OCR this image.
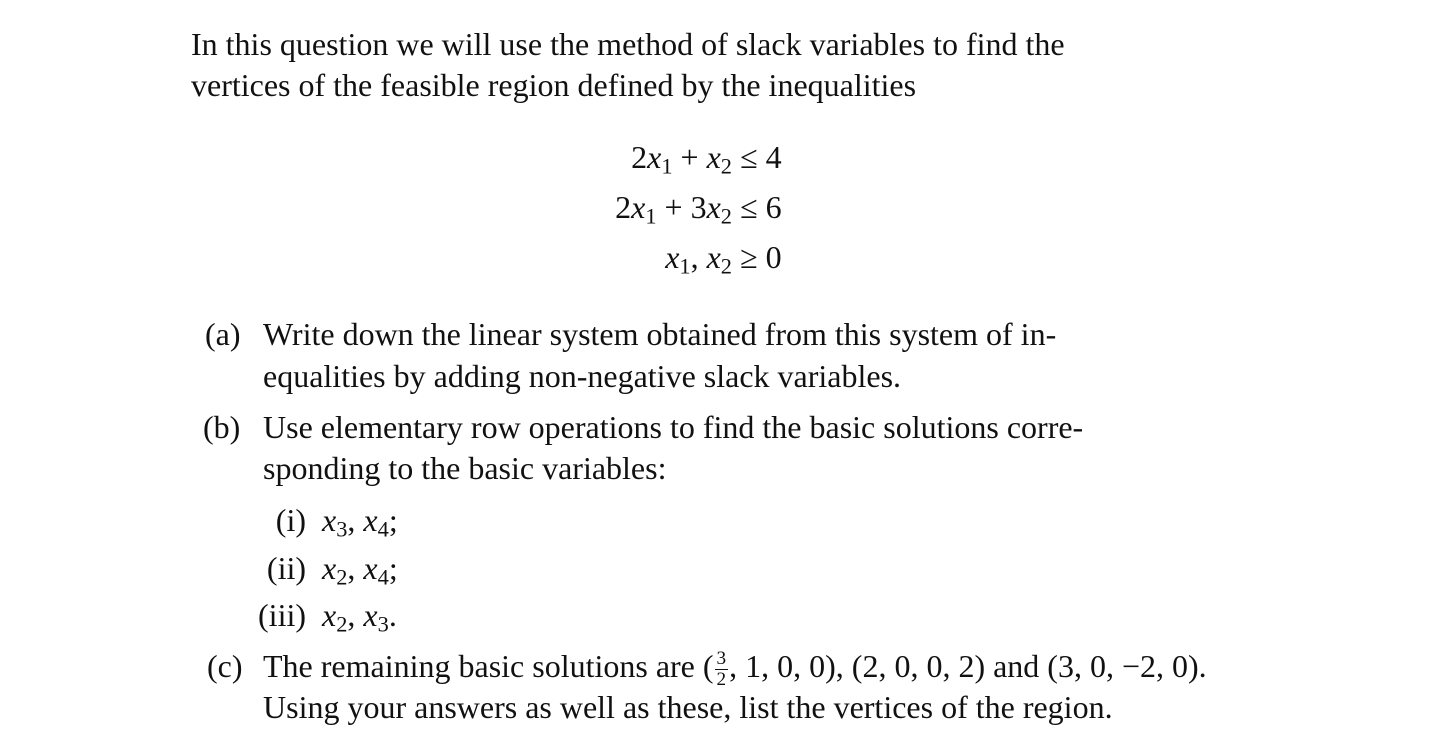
In this question we will use the method of slack variables to find the
vertices of the feasible region defined by the inequalities
$2x_1 + x_2 \le 4$
$2x_1 + 3x_2 \le 6$
$x_1$, $x_2 \ge 0$
(a) Write down the linear system obtained from this system of in-
equalities by adding non-negative slack variables.
(b) Use elementary row operations to find the basic solutions corre-
sponding to the basic variables:
(i) $x_3$, $x_4$;
(ii) $x_2$, $x_4$;
(iii) $x_2$, $x_3$.
(c) The remaining basic solutions are ( $\frac{3}{2}$ , 1, 0, 0), (2, 0, 0, 2) and (3, 0, −2, 0).
Using your answers as well as these, list the vertices of the region.
